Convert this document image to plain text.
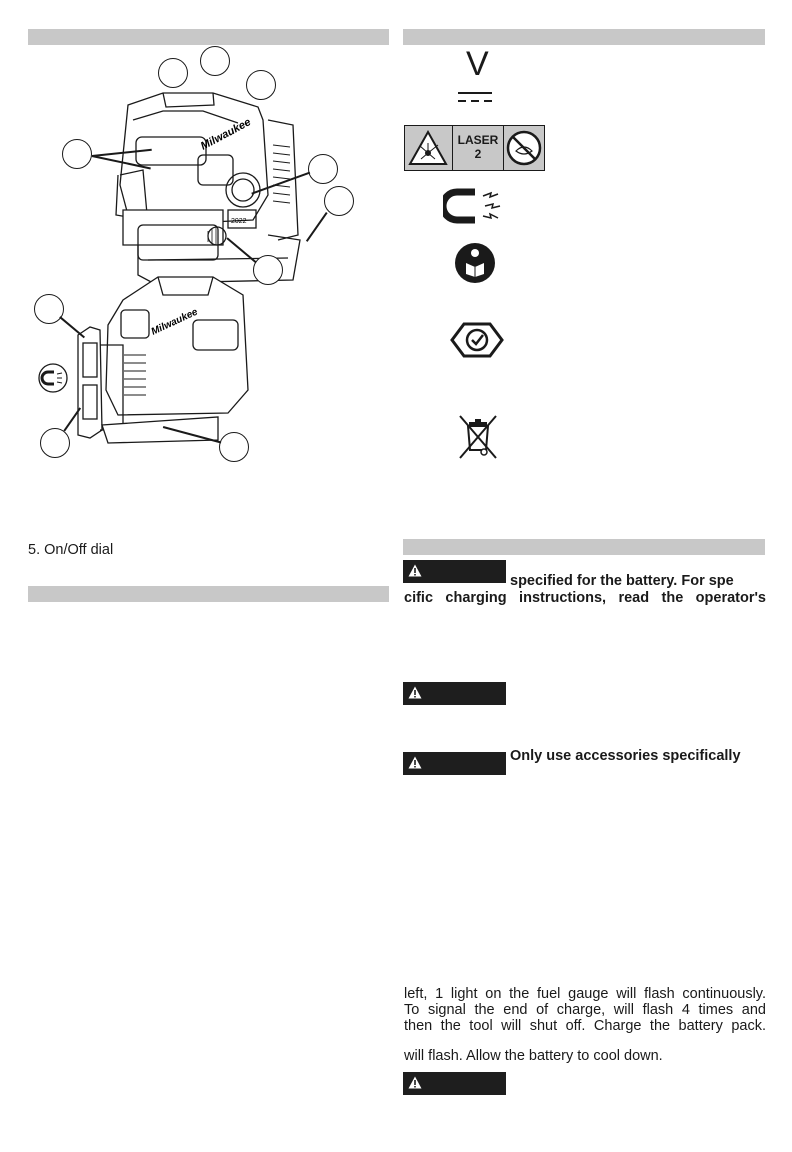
Milwaukee
Milwaukee
2022
5. On/Off dial
V
LASER
2
specified for the battery. For spe
cific charging instructions, read the operator's
Only use accessories specifically
left, 1 light on the fuel gauge will flash continuously.
To signal the end of charge, will flash 4 times and
then the tool will shut off. Charge the battery pack.
will flash. Allow the battery to cool down.
